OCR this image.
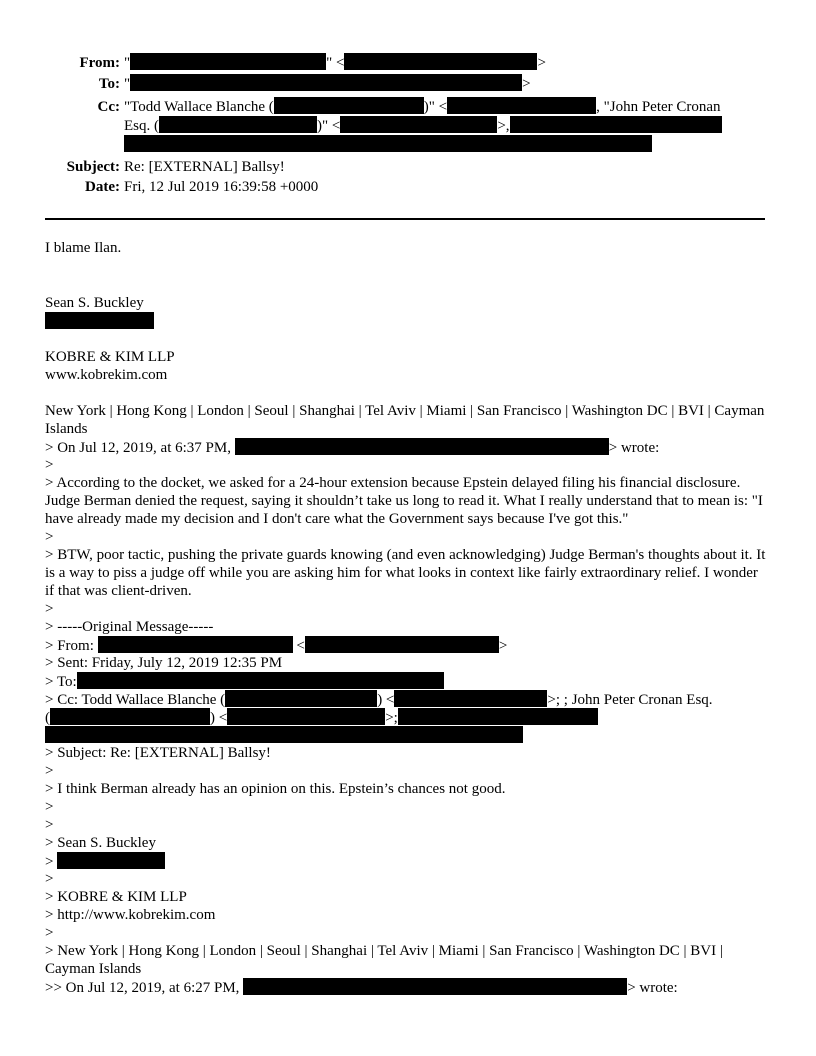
From: "	" <	>
To: "	>
Cc: "Todd Wallace Blanche (	)" <	, "John Peter Cronan
Esq. (	)" <	>,
Subject: Re: [EXTERNAL] Ballsy!
Date: Fri, 12 Jul 2019 16:39:58 +0000
I blame Ilan.
Sean S. Buckley
KOBRE & KIM LLP
www.kobrekim.com
New York | Hong Kong | London | Seoul | Shanghai | Tel Aviv | Miami | San Francisco | Washington DC | BVI | Cayman Islands
> On Jul 12, 2019, at 6:37 PM,	> wrote:
>
> According to the docket, we asked for a 24-hour extension because Epstein delayed filing his financial disclosure. Judge Berman denied the request, saying it shouldn’t take us long to read it. What I really understand that to mean is: "I have already made my decision and I don't care what the Government says because I've got this."
>
> BTW, poor tactic, pushing the private guards knowing (and even acknowledging) Judge Berman's thoughts about it. It is a way to piss a judge off while you are asking him for what looks in context like fairly extraordinary relief. I wonder if that was client-driven.
>
> -----Original Message-----
> From:	<	>
> Sent: Friday, July 12, 2019 12:35 PM
> To:
> Cc: Todd Wallace Blanche (	) <	>; ; John Peter Cronan Esq.
(	) <	>;
> Subject: Re: [EXTERNAL] Ballsy!
>
> I think Berman already has an opinion on this. Epstein’s chances not good.
>
>
> Sean S. Buckley
>
>
> KOBRE & KIM LLP
> http://www.kobrekim.com
>
> New York | Hong Kong | London | Seoul | Shanghai | Tel Aviv | Miami | San Francisco | Washington DC | BVI | Cayman Islands
>> On Jul 12, 2019, at 6:27 PM,	> wrote:
